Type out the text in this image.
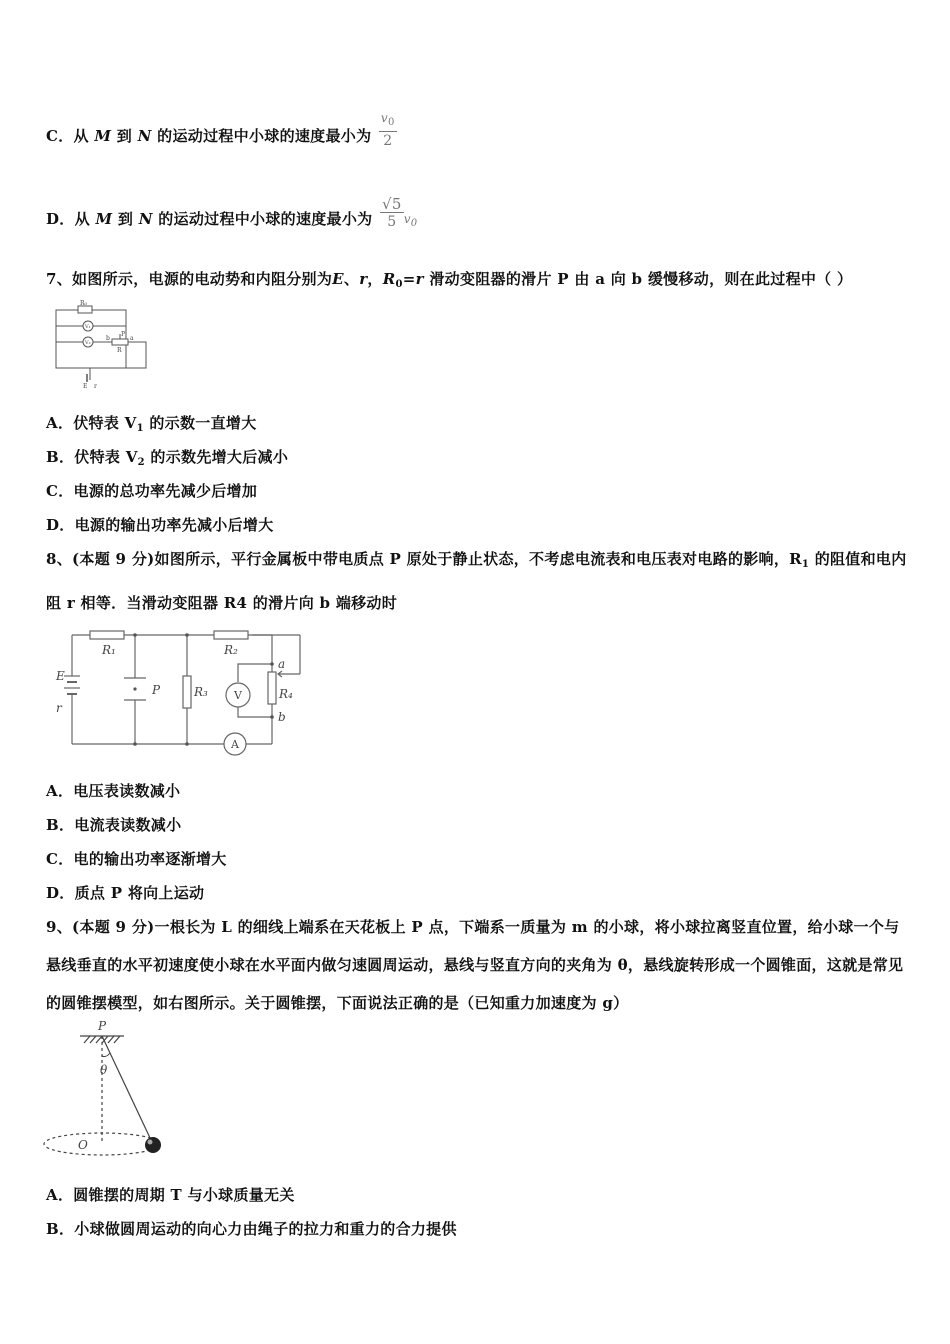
C．从 M 到 N 的运动过程中小球的速度最小为 $\frac{v_0}{2}$
D．从 M 到 N 的运动过程中小球的速度最小为 $\frac{√5}{5} v_0$
7、如图所示，电源的电动势和内阻分别为E、r，$R_0=r$ 滑动变阻器的滑片 P 由 a 向 b 缓慢移动，则在此过程中（ ）
R₀
V₁
V₂
P
a
b
R
E r
A．伏特表 $V_1$ 的示数一直增大
B．伏特表 $V_2$ 的示数先增大后减小
C．电源的总功率先减少后增加
D．电源的输出功率先减小后增大
8、(本题 9 分)如图所示，平行金属板中带电质点 P 原处于静止状态，不考虑电流表和电压表对电路的影响，$R_1$ 的阻值和电内阻 r 相等．当滑动变阻器 R4 的滑片向 b 端移动时
R₁	R₂
R₃	R₄
E
r
P
a
b
V
A
A．电压表读数减小
B．电流表读数减小
C．电的输出功率逐渐增大
D．质点 P 将向上运动
9、(本题 9 分)一根长为 L 的细线上端系在天花板上 P 点，下端系一质量为 m 的小球，将小球拉离竖直位置，给小球一个与悬线垂直的水平初速度使小球在水平面内做匀速圆周运动，悬线与竖直方向的夹角为 θ，悬线旋转形成一个圆锥面，这就是常见的圆锥摆模型，如右图所示。关于圆锥摆，下面说法正确的是（已知重力加速度为 g）
P
θ
O
A．圆锥摆的周期 T 与小球质量无关
B．小球做圆周运动的向心力由绳子的拉力和重力的合力提供
